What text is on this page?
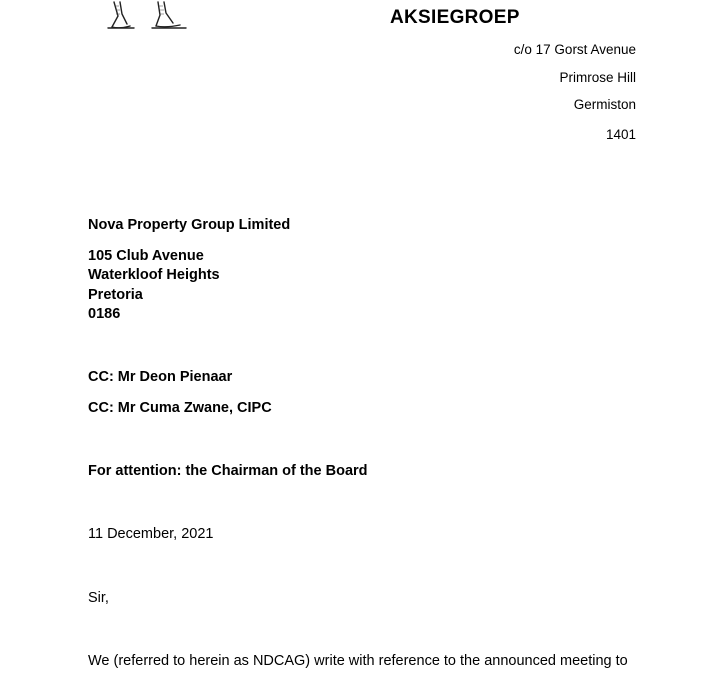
AKSIEGROEP
c/o 17 Gorst Avenue
Primrose Hill
Germiston
1401
Nova Property Group Limited
105 Club Avenue
Waterkloof Heights
Pretoria
0186
CC: Mr Deon Pienaar
CC: Mr Cuma Zwane, CIPC
For attention: the Chairman of the Board
11 December, 2021
Sir,
We (referred to herein as NDCAG) write with reference to the announced meeting to
